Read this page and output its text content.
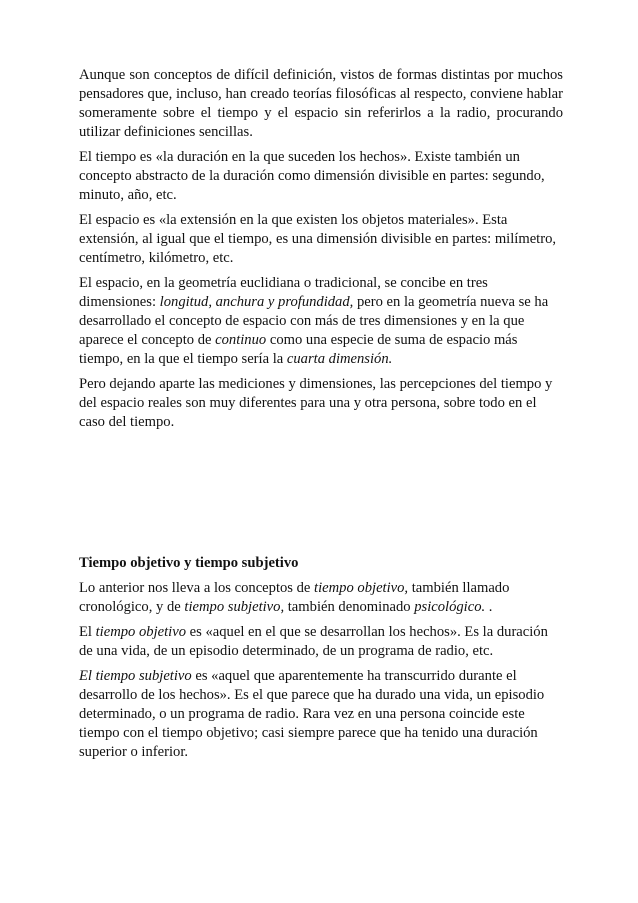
Aunque son conceptos de difícil definición, vistos de formas distintas por muchos pensadores que, incluso, han creado teorías filosóficas al respecto, conviene hablar someramente sobre el tiempo y el espacio sin referirlos a la radio, procurando utilizar definiciones sencillas.

El tiempo es «la duración en la que suceden los hechos». Existe también un concepto abstracto de la duración como dimensión divisible en partes: segundo, minuto, año, etc.

El espacio es «la extensión en la que existen los objetos materiales». Esta extensión, al igual que el tiempo, es una dimensión divisible en partes: milímetro, centímetro, kilómetro, etc.

El espacio, en la geometría euclidiana o tradicional, se concibe en tres dimensiones: longitud, anchura y profundidad, pero en la geometría nueva se ha desarrollado el concepto de espacio con más de tres dimensiones y en la que aparece el concepto de continuo como una especie de suma de espacio más tiempo, en la que el tiempo sería la cuarta dimensión.

Pero dejando aparte las mediciones y dimensiones, las percepciones del tiempo y del espacio reales son muy diferentes para una y otra persona, sobre todo en el caso del tiempo.

Tiempo objetivo y tiempo subjetivo

Lo anterior nos lleva a los conceptos de tiempo objetivo, también llamado cronológico, y de tiempo subjetivo, también denominado psicológico. .

El tiempo objetivo es «aquel en el que se desarrollan los hechos». Es la duración de una vida, de un episodio determinado, de un programa de radio, etc.

El tiempo subjetivo es «aquel que aparentemente ha transcurrido durante el desarrollo de los hechos». Es el que parece que ha durado una vida, un episodio determinado, o un programa de radio. Rara vez en una persona coincide este tiempo con el tiempo objetivo; casi siempre parece que ha tenido una duración superior o inferior.
